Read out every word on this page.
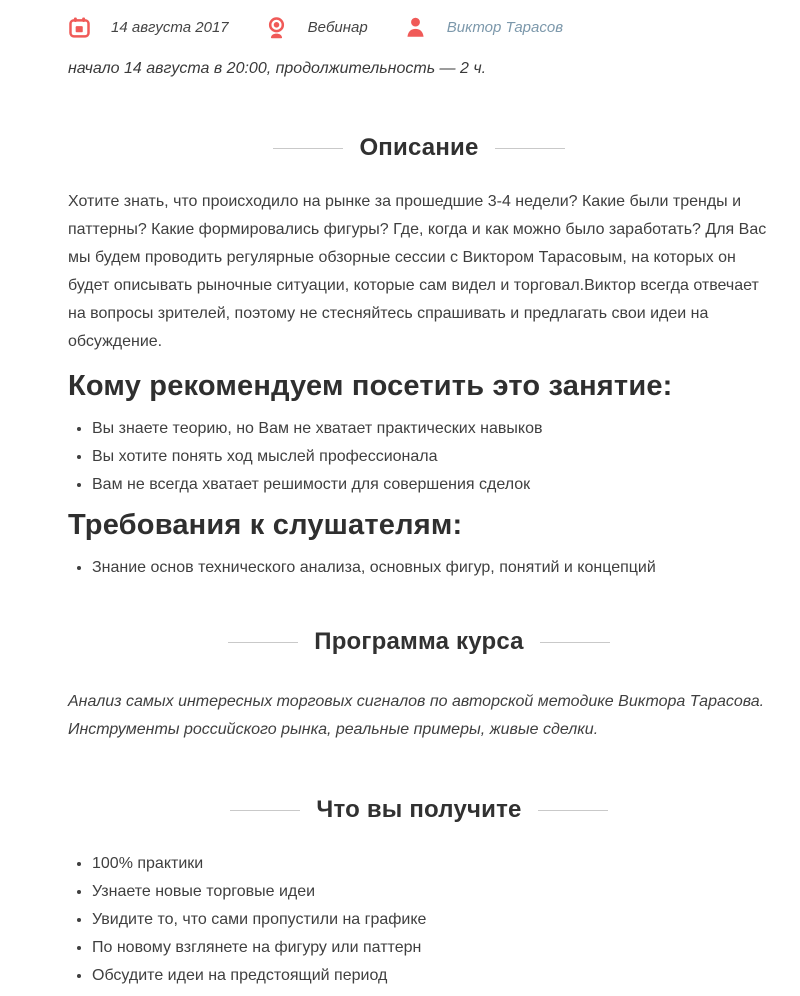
14 августа 2017	Вебинар	Виктор Тарасов
начало 14 августа в 20:00, продолжительность — 2 ч.
Описание

Хотите знать, что происходило на рынке за прошедшие 3-4 недели? Какие были тренды и паттерны? Какие формировались фигуры? Где, когда и как можно было заработать? Для Вас мы будем проводить регулярные обзорные сессии с Виктором Тарасовым, на которых он будет описывать рыночные ситуации, которые сам видел и торговал.Виктор всегда отвечает на вопросы зрителей, поэтому не стесняйтесь спрашивать и предлагать свои идеи на обсуждение.

Кому рекомендуем посетить это занятие:
• Вы знаете теорию, но Вам не хватает практических навыков
• Вы хотите понять ход мыслей профессионала
• Вам не всегда хватает решимости для совершения сделок
Требования к слушателям:
• Знание основ технического анализа, основных фигур, понятий и концепций
Программа курса

Анализ самых интересных торговых сигналов по авторской методике Виктора Тарасова. Инструменты российского рынка, реальные примеры, живые сделки.

Что вы получите
• 100% практики
• Узнаете новые торговые идеи
• Увидите то, что сами пропустили на графике
• По новому взглянете на фигуру или паттерн
• Обсудите идеи на предстоящий период
